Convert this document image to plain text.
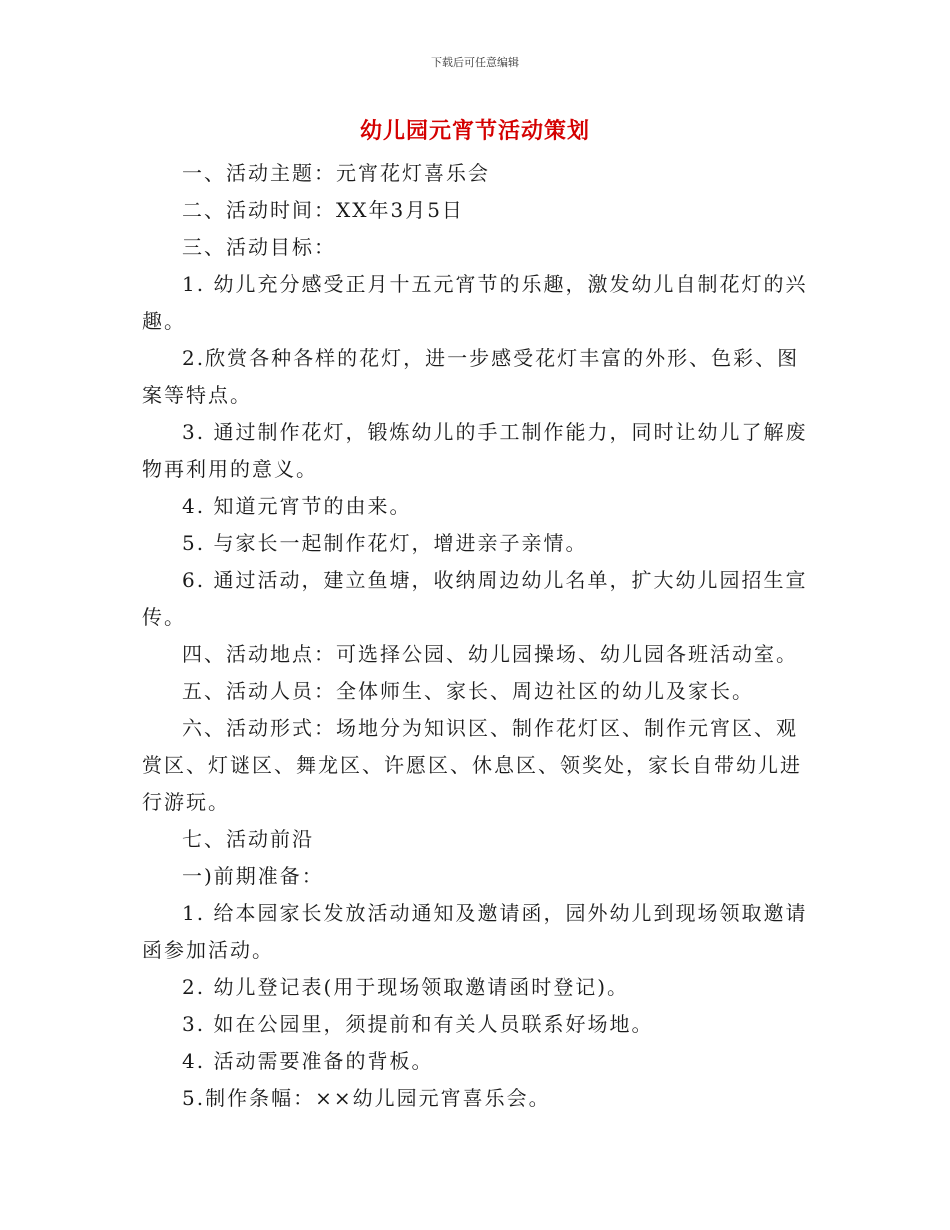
下载后可任意编辑
幼儿园元宵节活动策划

一、活动主题：元宵花灯喜乐会

二、活动时间：XX年3月5日

三、活动目标：

1. 幼儿充分感受正月十五元宵节的乐趣，激发幼儿自制花灯的兴趣。

2.欣赏各种各样的花灯，进一步感受花灯丰富的外形、色彩、图案等特点。

3. 通过制作花灯，锻炼幼儿的手工制作能力，同时让幼儿了解废物再利用的意义。

4. 知道元宵节的由来。

5. 与家长一起制作花灯，增进亲子亲情。

6. 通过活动，建立鱼塘，收纳周边幼儿名单，扩大幼儿园招生宣传。

四、活动地点：可选择公园、幼儿园操场、幼儿园各班活动室。

五、活动人员：全体师生、家长、周边社区的幼儿及家长。

六、活动形式：场地分为知识区、制作花灯区、制作元宵区、观赏区、灯谜区、舞龙区、许愿区、休息区、领奖处，家长自带幼儿进行游玩。

七、活动前沿

一)前期准备：

1. 给本园家长发放活动通知及邀请函，园外幼儿到现场领取邀请函参加活动。

2. 幼儿登记表(用于现场领取邀请函时登记)。

3. 如在公园里，须提前和有关人员联系好场地。

4. 活动需要准备的背板。

5.制作条幅：××幼儿园元宵喜乐会。
